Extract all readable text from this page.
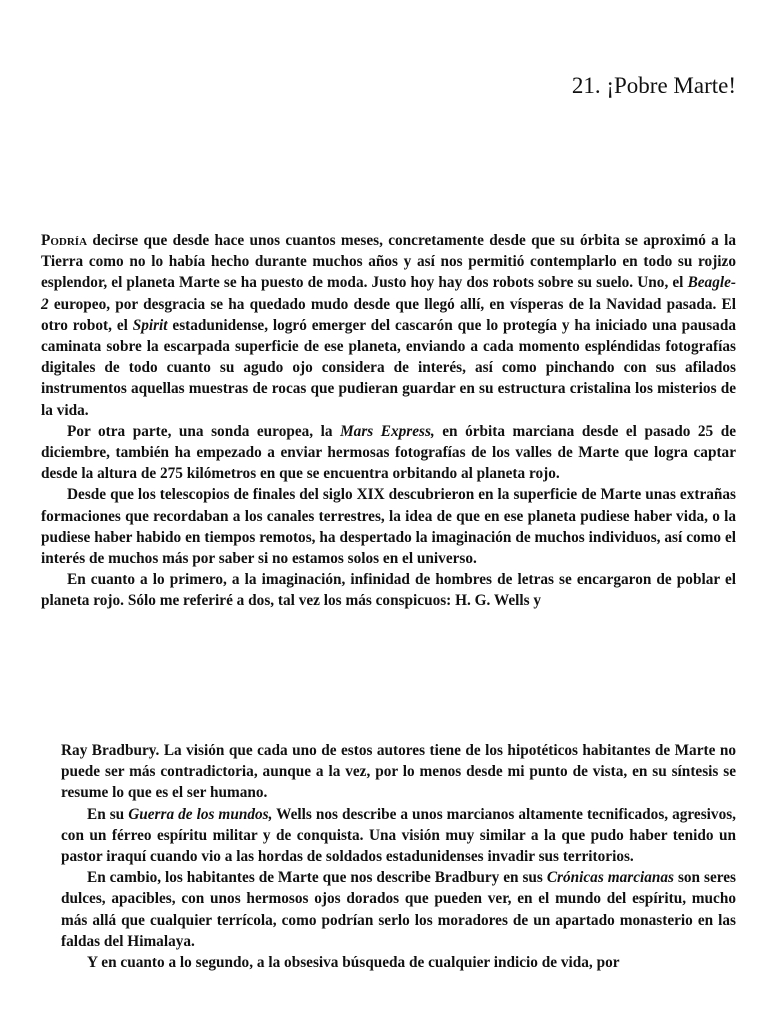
21. ¡Pobre Marte!

Podría decirse que desde hace unos cuantos meses, concretamente desde que su órbita se aproximó a la Tierra como no lo había hecho durante muchos años y así nos permitió contemplarlo en todo su rojizo esplendor, el planeta Marte se ha puesto de moda. Justo hoy hay dos robots sobre su suelo. Uno, el Beagle-2 europeo, por desgracia se ha quedado mudo desde que llegó allí, en vísperas de la Navidad pasada. El otro robot, el Spirit estadunidense, logró emerger del cascarón que lo protegía y ha iniciado una pausada caminata sobre la escarpada superficie de ese planeta, enviando a cada momento espléndidas fotografías digitales de todo cuanto su agudo ojo considera de interés, así como pinchando con sus afilados instrumentos aquellas muestras de rocas que pudieran guardar en su estructura cristalina los misterios de la vida.

Por otra parte, una sonda europea, la Mars Express, en órbita marciana desde el pasado 25 de diciembre, también ha empezado a enviar hermosas fotografías de los valles de Marte que logra captar desde la altura de 275 kilómetros en que se encuentra orbitando al planeta rojo.

Desde que los telescopios de finales del siglo XIX descubrieron en la superficie de Marte unas extrañas formaciones que recordaban a los canales terrestres, la idea de que en ese planeta pudiese haber vida, o la pudiese haber habido en tiempos remotos, ha despertado la imaginación de muchos individuos, así como el interés de muchos más por saber si no estamos solos en el universo.

En cuanto a lo primero, a la imaginación, infinidad de hombres de letras se encargaron de poblar el planeta rojo. Sólo me referiré a dos, tal vez los más conspicuos: H. G. Wells y

Ray Bradbury. La visión que cada uno de estos autores tiene de los hipotéticos habitantes de Marte no puede ser más contradictoria, aunque a la vez, por lo menos desde mi punto de vista, en su síntesis se resume lo que es el ser humano.

En su Guerra de los mundos, Wells nos describe a unos marcianos altamente tecnificados, agresivos, con un férreo espíritu militar y de conquista. Una visión muy similar a la que pudo haber tenido un pastor iraquí cuando vio a las hordas de soldados estadunidenses invadir sus territorios.

En cambio, los habitantes de Marte que nos describe Bradbury en sus Crónicas marcianas son seres dulces, apacibles, con unos hermosos ojos dorados que pueden ver, en el mundo del espíritu, mucho más allá que cualquier terrícola, como podrían serlo los moradores de un apartado monasterio en las faldas del Himalaya.

Y en cuanto a lo segundo, a la obsesiva búsqueda de cualquier indicio de vida, por
